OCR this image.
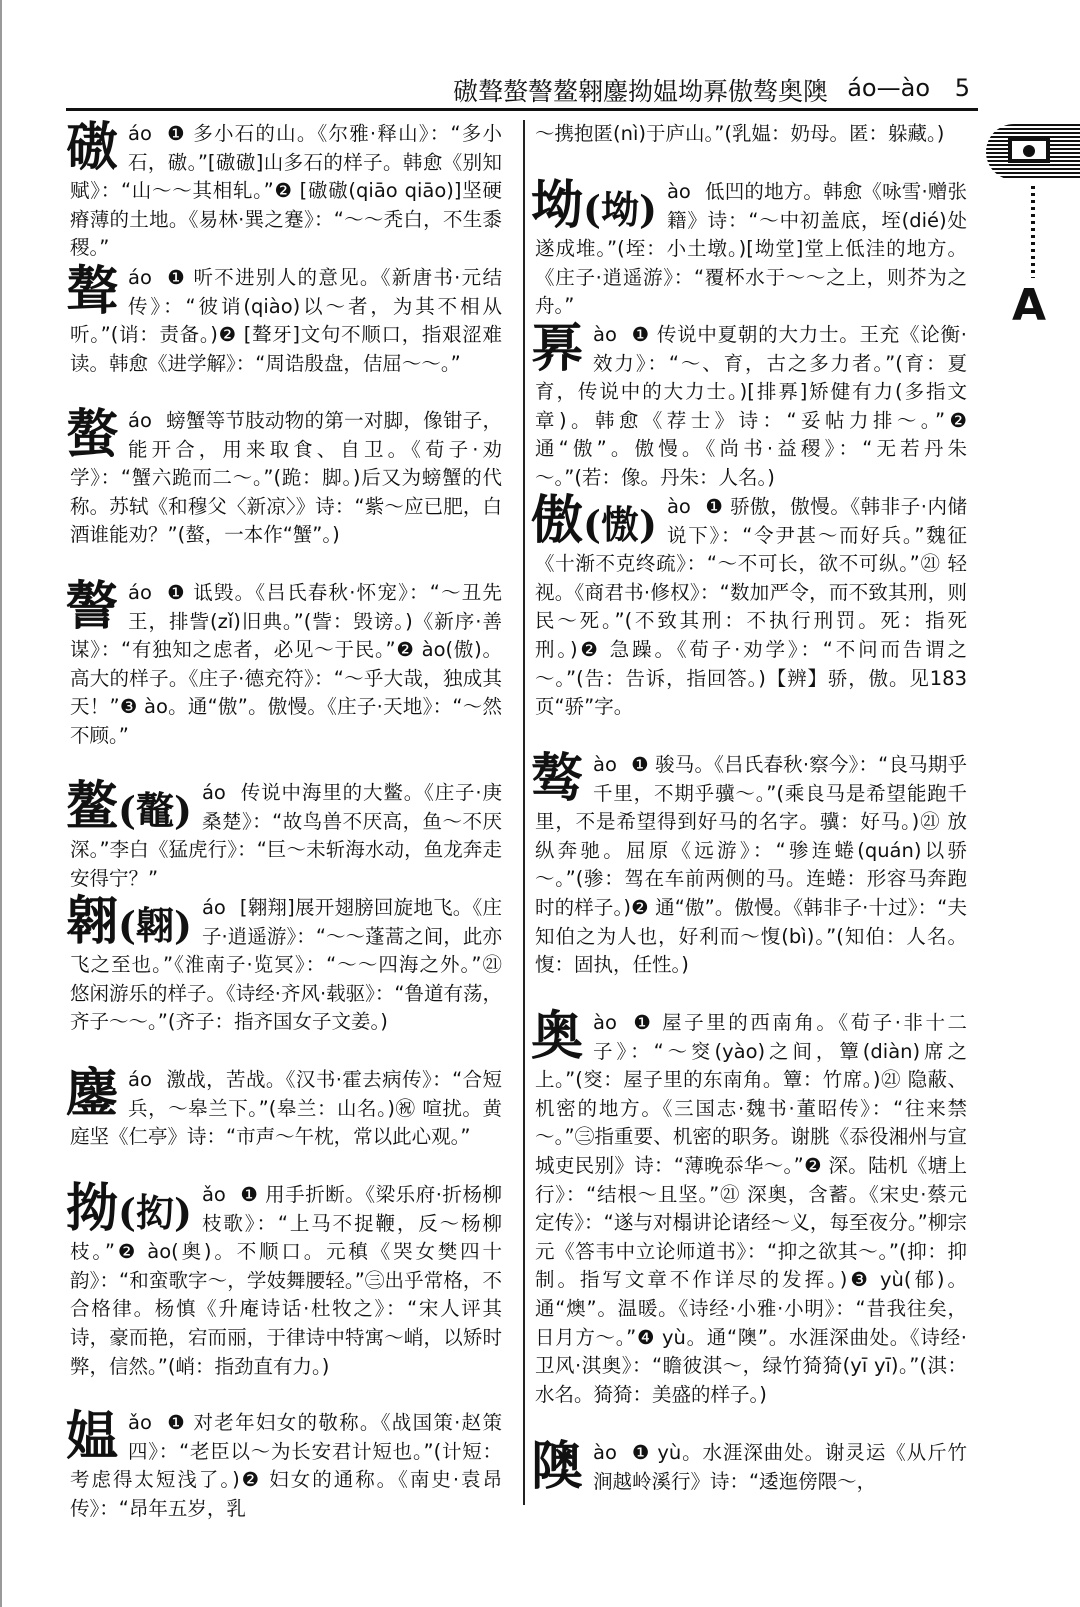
磝聱螯謷鳌翱鏖拗媪坳奡傲骜奥隩 áo—ào 5
磝 áo ❶ 多小石的山。《尔雅·释山》：“多小石，磝。”[磝磝]山多石的样子。韩愈《别知赋》：“山～～其相轧。”❷ [磝磝(qiāo qiāo)]坚硬瘠薄的土地。《易林·巽之蹇》：“～～秃白，不生黍稷。”
聱 áo ❶ 听不进别人的意见。《新唐书·元结传》：“彼诮(qiào)以～者，为其不相从听。”(诮：责备。)❷ [聱牙]文句不顺口，指艰涩难读。韩愈《进学解》：“周诰殷盘，佶屈～～。”
螯 áo 螃蟹等节肢动物的第一对脚，像钳子，能开合，用来取食、自卫。《荀子·劝学》：“蟹六跪而二～。”(跪：脚。)后又为螃蟹的代称。苏轼《和穆父〈新凉〉》诗：“紫～应已肥，白酒谁能劝？”(螯，一本作“蟹”。)
謷 áo ❶ 诋毁。《吕氏春秋·怀宠》：“～丑先王，排訾(zǐ)旧典。”(訾：毁谤。)《新序·善谋》：“有独知之虑者，必见～于民。”❷ ào(傲)。高大的样子。《庄子·德充符》：“～乎大哉，独成其天！”❸ ào。通“傲”。傲慢。《庄子·天地》：“～然不顾。”
鳌(鼇) áo 传说中海里的大鳖。《庄子·庚桑楚》：“故鸟兽不厌高，鱼～不厌深。”李白《猛虎行》：“巨～未斩海水动，鱼龙奔走安得宁？”
翱(翺) áo [翱翔]展开翅膀回旋地飞。《庄子·逍遥游》：“～～蓬蒿之间，此亦飞之至也。”《淮南子·览冥》：“～～四海之外。”㉑ 悠闲游乐的样子。《诗经·齐风·载驱》：“鲁道有荡，齐子～～。”(齐子：指齐国女子文姜。)
鏖 áo 激战，苦战。《汉书·霍去病传》：“合短兵，～皋兰下。”(皋兰：山名。)㊗ 喧扰。黄庭坚《仁亭》诗：“市声～午枕，常以此心观。”
拗(抝) ǎo ❶ 用手折断。《梁乐府·折杨柳枝歌》：“上马不捉鞭，反～杨柳枝。”❷ ào(奥)。不顺口。元稹《哭女樊四十韵》：“和蛮歌字～，学妓舞腰轻。”㊂出乎常格，不合格律。杨慎《升庵诗话·杜牧之》：“宋人评其诗，豪而艳，宕而丽，于律诗中特寓～峭，以矫时弊，信然。”(峭：指劲直有力。)
媪 ǎo ❶ 对老年妇女的敬称。《战国策·赵策四》：“老臣以～为长安君计短也。”(计短：考虑得太短浅了。)❷ 妇女的通称。《南史·袁昂传》：“昂年五岁，乳
～携抱匿(nì)于庐山。”(乳媪：奶母。匿：躲藏。)
坳(坳) ào 低凹的地方。韩愈《咏雪·赠张籍》诗：“～中初盖底，垤(dié)处遂成堆。”(垤：小土墩。)[坳堂]堂上低洼的地方。《庄子·逍遥游》：“覆杯水于～～之上，则芥为之舟。”
奡 ào ❶ 传说中夏朝的大力士。王充《论衡·效力》：“～、育，古之多力者。”(育：夏育，传说中的大力士。)[排奡]矫健有力(多指文章)。韩愈《荐士》诗：“妥帖力排～。”❷ 通“傲”。傲慢。《尚书·益稷》：“无若丹朱～。”(若：像。丹朱：人名。)
傲(慠) ào ❶ 骄傲，傲慢。《韩非子·内储说下》：“令尹甚～而好兵。”魏征《十渐不克终疏》：“～不可长，欲不可纵。”㉑ 轻视。《商君书·修权》：“数加严令，而不致其刑，则民～死。”(不致其刑：不执行刑罚。死：指死刑。)❷ 急躁。《荀子·劝学》：“不问而告谓之～。”(告：告诉，指回答。)【辨】骄，傲。见183页“骄”字。
骜 ào ❶ 骏马。《吕氏春秋·察今》：“良马期乎千里，不期乎骥～。”(乘良马是希望能跑千里，不是希望得到好马的名字。骥：好马。)㉑ 放纵奔驰。屈原《远游》：“骖连蜷(quán)以骄～。”(骖：驾在车前两侧的马。连蜷：形容马奔跑时的样子。)❷ 通“傲”。傲慢。《韩非子·十过》：“夫知伯之为人也，好利而～愎(bì)。”(知伯：人名。愎：固执，任性。)
奥 ào ❶ 屋子里的西南角。《荀子·非十二子》：“～窔(yào)之间，簟(diàn)席之上。”(窔：屋子里的东南角。簟：竹席。)㉑ 隐蔽、机密的地方。《三国志·魏书·董昭传》：“往来禁～。”㊂指重要、机密的职务。谢朓《忝役湘州与宣城吏民别》诗：“薄晚忝华～。”❷ 深。陆机《塘上行》：“结根～且坚。”㉑ 深奥，含蓄。《宋史·蔡元定传》：“遂与对榻讲论诸经～义，每至夜分。”柳宗元《答韦中立论师道书》：“抑之欲其～。”(抑：抑制。指写文章不作详尽的发挥。)❸ yù(郁)。通“燠”。温暖。《诗经·小雅·小明》：“昔我往矣，日月方～。”❹ yù。通“隩”。水涯深曲处。《诗经·卫风·淇奥》：“瞻彼淇～，绿竹猗猗(yī yī)。”(淇：水名。猗猗：美盛的样子。)
隩 ào ❶ yù。水涯深曲处。谢灵运《从斤竹涧越岭溪行》诗：“逶迤傍隈～，
A
